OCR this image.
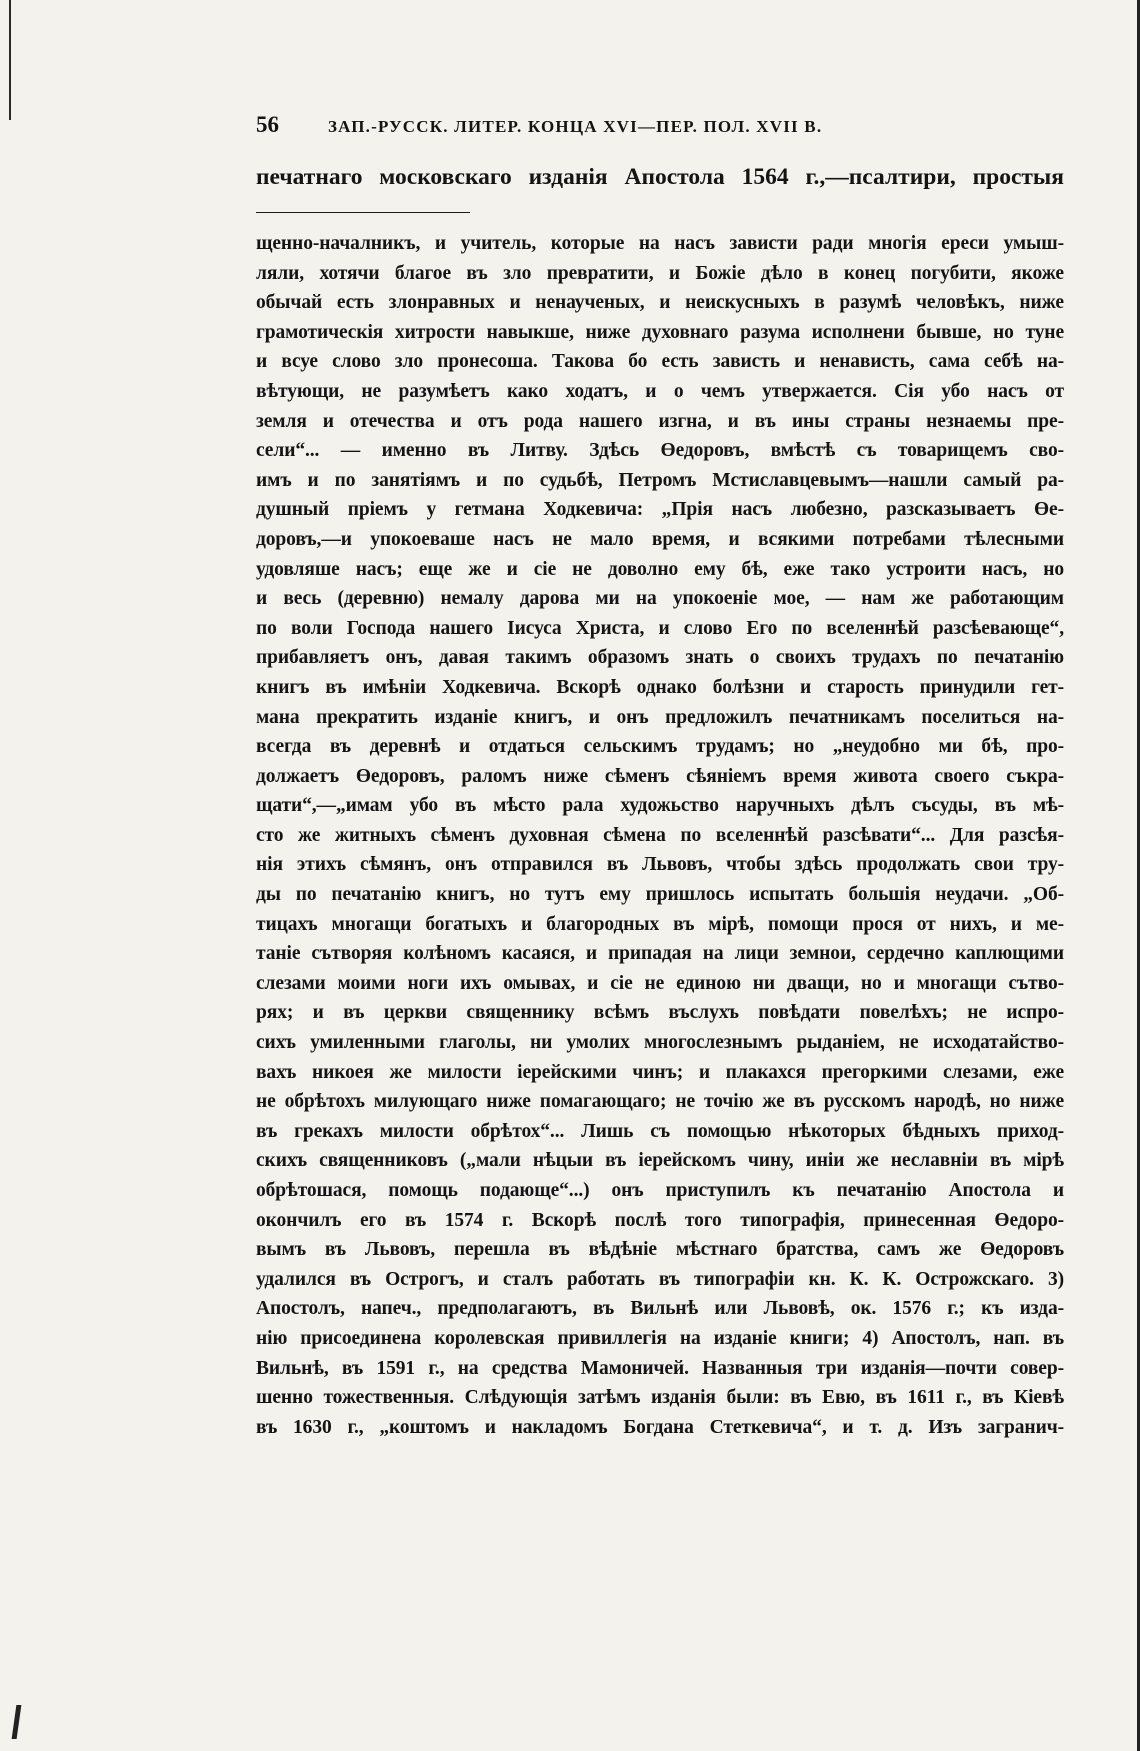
56	ЗАП.-РУССК. ЛИТЕР. КОНЦА XVI—ПЕР. ПОЛ. XVII В.
печатнаго московскаго изданія Апостола 1564 г.,—псалтири, простыя
щенно-началникъ, и учитель, которые на насъ зависти ради многія ереси умыш-
ляли, хотячи благое въ зло превратити, и Божіе дѣло в конец погубити, якоже
обычай есть злонравных и ненаученых, и неискусныхъ в разумѣ человѣкъ, ниже
грамотическія хитрости навыкше, ниже духовнаго разума исполнени бывше, но туне
и всуе слово зло пронесоша. Такова бо есть зависть и ненависть, сама себѣ на-
вѣтующи, не разумѣетъ како ходатъ, и о чемъ утвержается. Сія убо насъ от
земля и отечества и отъ рода нашего изгна, и въ ины страны незнаемы пре-
сели“... — именно въ Литву. Здѣсь Өедоровъ, вмѣстѣ съ товарищемъ сво-
имъ и по занятіямъ и по судьбѣ, Петромъ Мстиславцевымъ—нашли самый ра-
душный пріемъ у гетмана Ходкевича: „Прія насъ любезно, разсказываетъ Өе-
доровъ,—и упокоеваше насъ не мало время, и всякими потребами тѣлесными
удовляше насъ; еще же и сіе не доволно ему бѣ, еже тако устроити насъ, но
и весь (деревню) немалу дарова ми на упокоеніе мое, — нам же работающим
по воли Господа нашего Іисуса Христа, и слово Его по вселеннѣй разсѣевающе“,
прибавляетъ онъ, давая такимъ образомъ знать о своихъ трудахъ по печатанію
книгъ въ имѣніи Ходкевича. Вскорѣ однако болѣзни и старость принудили гет-
мана прекратить изданіе книгъ, и онъ предложилъ печатникамъ поселиться на-
всегда въ деревнѣ и отдаться сельскимъ трудамъ; но „неудобно ми бѣ, про-
должаетъ Өедоровъ, раломъ ниже сѣменъ сѣяніемъ время живота своего съкра-
щати“,—„имам убо въ мѣсто рала художьство наручныхъ дѣлъ съсуды, въ мѣ-
сто же житныхъ сѣменъ духовная сѣмена по вселеннѣй разсѣвати“... Для разсѣя-
нія этихъ сѣмянъ, онъ отправился въ Львовъ, чтобы здѣсь продолжать свои тру-
ды по печатанію книгъ, но тутъ ему пришлось испытать большія неудачи. „Об-
тицахъ многащи богатыхъ и благородных въ мірѣ, помощи прося от нихъ, и ме-
таніе сътворяя колѣномъ касаяся, и припадая на лици земнои, сердечно каплющими
слезами моими ноги ихъ омывах, и сіе не единою ни дващи, но и многащи сътво-
рях; и въ церкви священнику всѣмъ въслухъ повѣдати повелѣхъ; не испро-
сихъ умиленными глаголы, ни умолих многослезнымъ рыданіем, не исходатайство-
вахъ никоея же милости іерейскими чинъ; и плакахся прегоркими слезами, еже
не обрѣтохъ милующаго ниже помагающаго; не точію же въ русскомъ народѣ, но ниже
въ грекахъ милости обрѣтох“... Лишь съ помощью нѣкоторых бѣдныхъ приход-
скихъ священниковъ („мали нѣцыи въ іерейскомъ чину, иніи же неславніи въ мірѣ
обрѣтошася, помощь подающе“...) онъ приступилъ къ печатанію Апостола и
окончилъ его въ 1574 г. Вскорѣ послѣ того типографія, принесенная Өедоро-
вымъ въ Львовъ, перешла въ вѣдѣніе мѣстнаго братства, самъ же Өедоровъ
удалился въ Острогъ, и сталъ работать въ типографіи кн. К. К. Острожскаго. 3)
Апостолъ, напеч., предполагаютъ, въ Вильнѣ или Львовѣ, ок. 1576 г.; къ изда-
нію присоединена королевская привиллегія на изданіе книги; 4) Апостолъ, нап. въ
Вильнѣ, въ 1591 г., на средства Мамоничей. Названныя три изданія—почти совер-
шенно тожественныя. Слѣдующія затѣмъ изданія были: въ Евю, въ 1611 г., въ Кіевѣ
въ 1630 г., „коштомъ и накладомъ Богдана Стеткевича“, и т. д. Изъ загранич-
